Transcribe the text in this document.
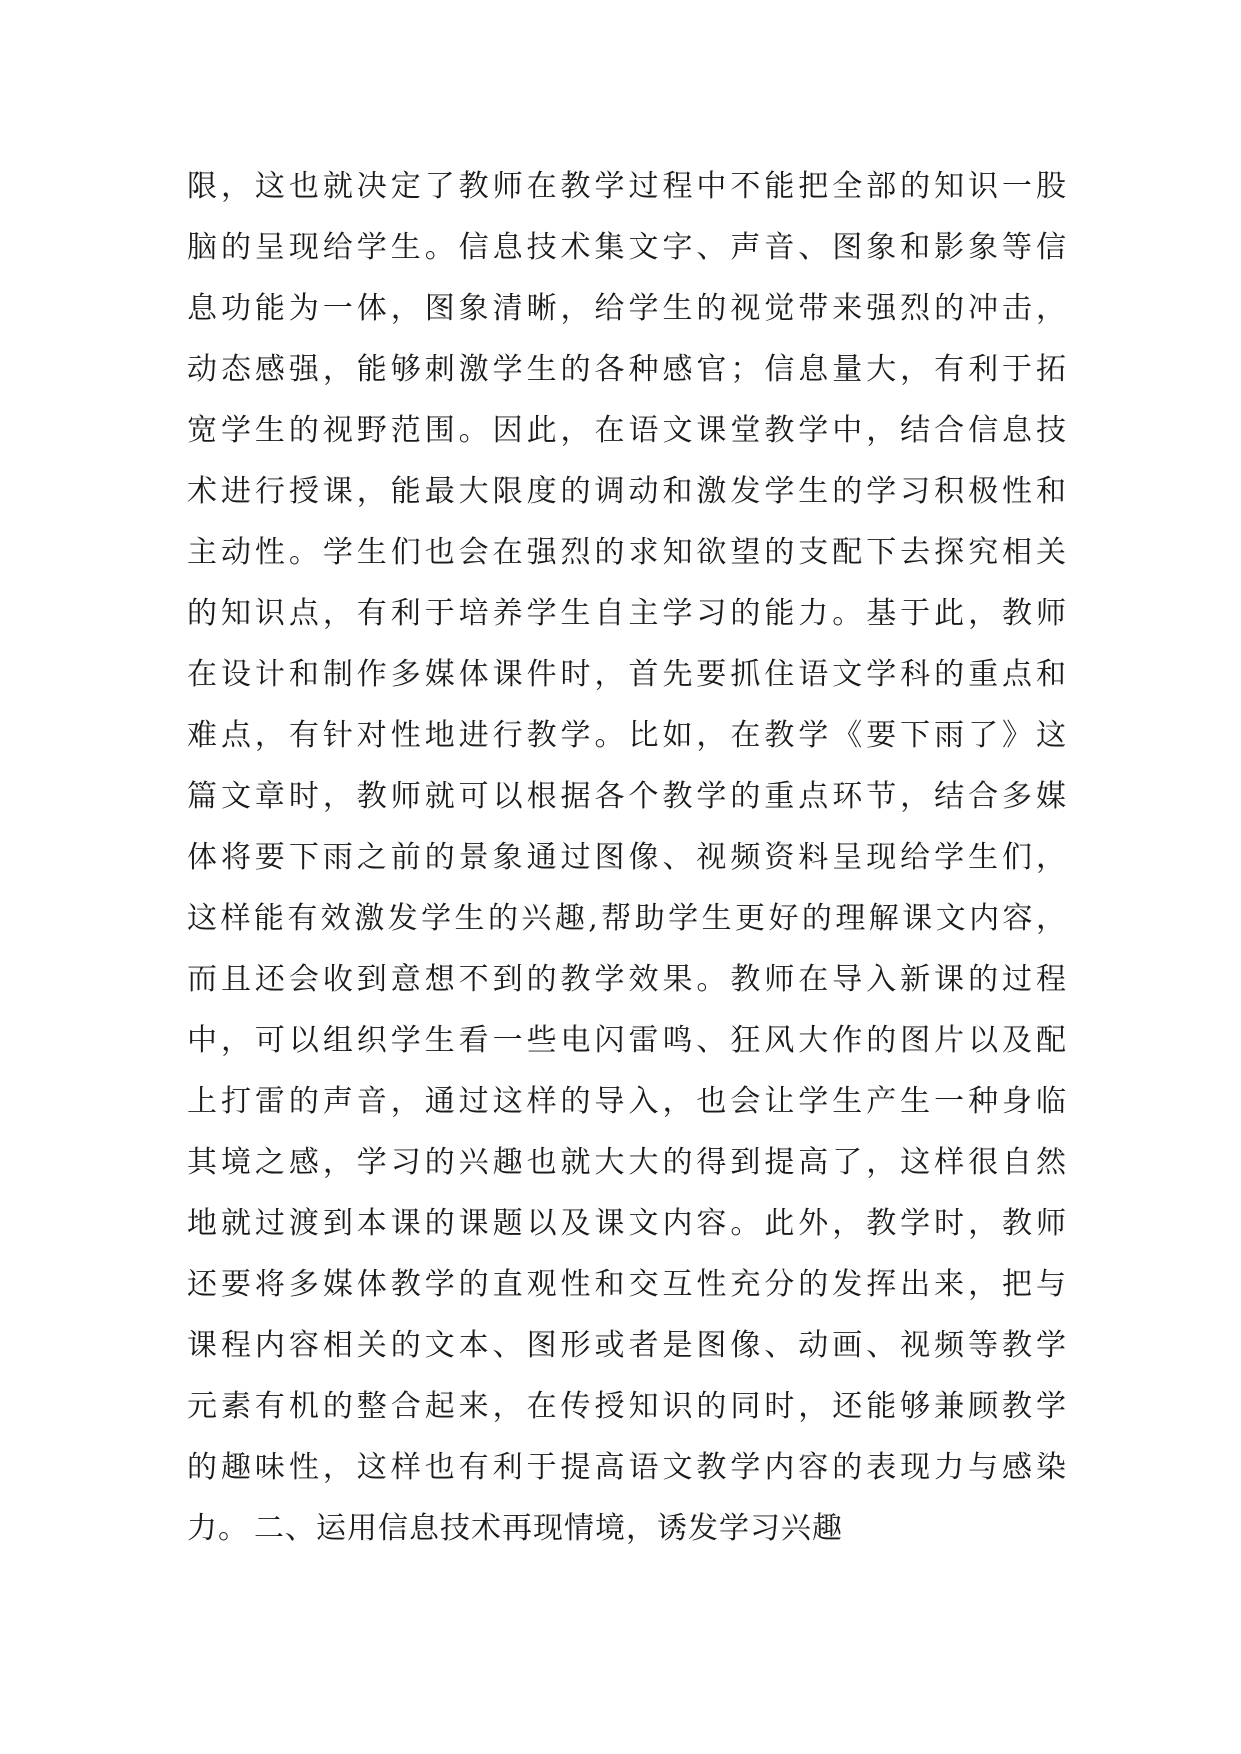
限，这也就决定了教师在教学过程中不能把全部的知识一股
脑的呈现给学生。信息技术集文字、声音、图象和影象等信
息功能为一体，图象清晰，给学生的视觉带来强烈的冲击，
动态感强，能够刺激学生的各种感官；信息量大，有利于拓
宽学生的视野范围。因此，在语文课堂教学中，结合信息技
术进行授课，能最大限度的调动和激发学生的学习积极性和
主动性。学生们也会在强烈的求知欲望的支配下去探究相关
的知识点，有利于培养学生自主学习的能力。基于此，教师
在设计和制作多媒体课件时，首先要抓住语文学科的重点和
难点，有针对性地进行教学。比如，在教学《要下雨了》这
篇文章时，教师就可以根据各个教学的重点环节，结合多媒
体将要下雨之前的景象通过图像、视频资料呈现给学生们，
这样能有效激发学生的兴趣,帮助学生更好的理解课文内容，
而且还会收到意想不到的教学效果。教师在导入新课的过程
中，可以组织学生看一些电闪雷鸣、狂风大作的图片以及配
上打雷的声音，通过这样的导入，也会让学生产生一种身临
其境之感，学习的兴趣也就大大的得到提高了，这样很自然
地就过渡到本课的课题以及课文内容。此外，教学时，教师
还要将多媒体教学的直观性和交互性充分的发挥出来，把与
课程内容相关的文本、图形或者是图像、动画、视频等教学
元素有机的整合起来，在传授知识的同时，还能够兼顾教学
的趣味性，这样也有利于提高语文教学内容的表现力与感染
力。 二、运用信息技术再现情境，诱发学习兴趣
